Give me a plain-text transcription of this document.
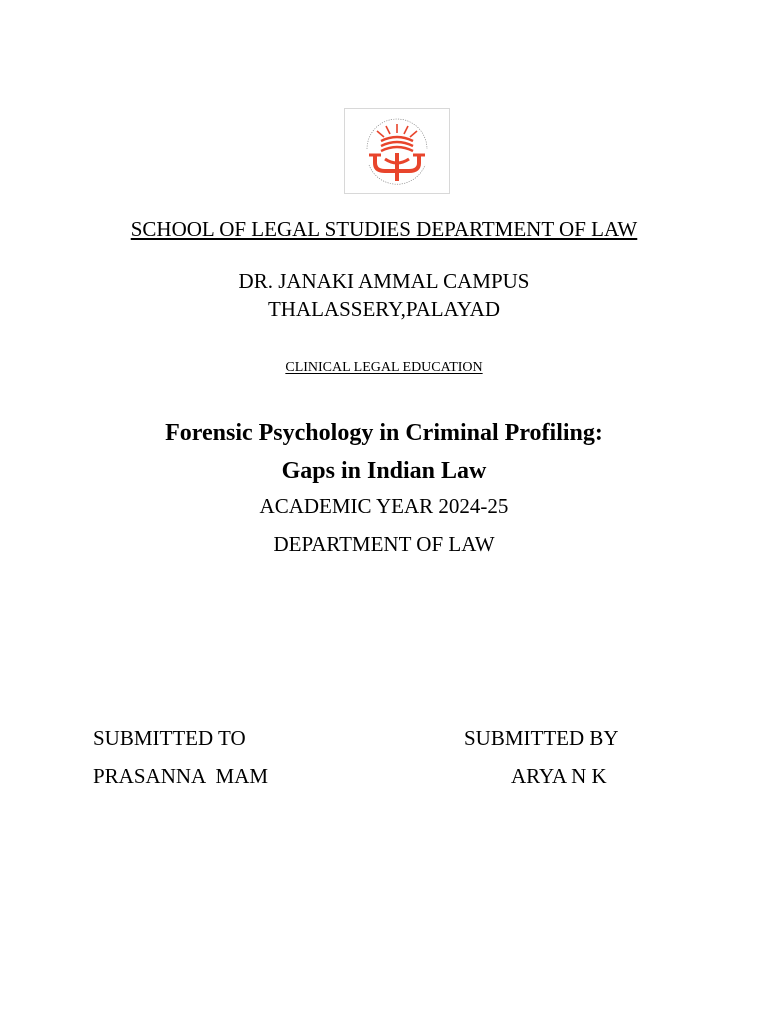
SCHOOL OF LEGAL STUDIES DEPARTMENT OF LAW
DR. JANAKI AMMAL CAMPUS
THALASSERY,PALAYAD
CLINICAL LEGAL EDUCATION
Forensic Psychology in Criminal Profiling:
Gaps in Indian Law
ACADEMIC YEAR 2024-25
DEPARTMENT OF LAW
SUBMITTED TO
PRASANNA  MAM
SUBMITTED BY
ARYA N K
